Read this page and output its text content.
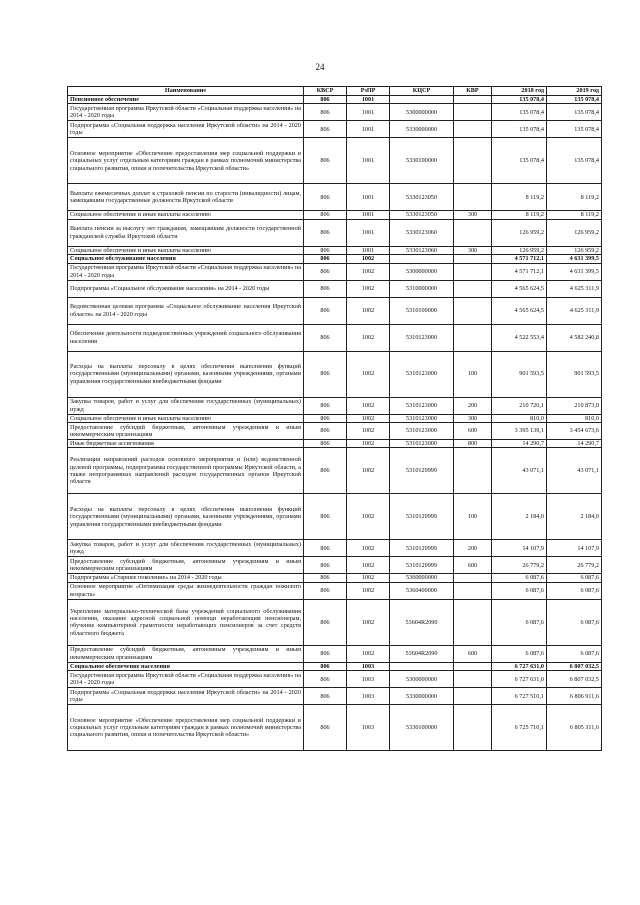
24
Наименование	КВСР	РзПР	КЦСР	КВР	2018 год	2019 год
Пенсионное обеспечение	806	1001			135 078,4	135 078,4
Государственная программа Иркутской области «Социальная поддержка населения» на 2014 - 2020 годы	806	1001	5300000000		135 078,4	135 078,4
Подпрограмма «Социальная поддержка населения Иркутской области» на 2014 - 2020 годы	806	1001	5330000000		135 078,4	135 078,4
Основное мероприятие «Обеспечение предоставления мер социальной поддержки и социальных услуг отдельным категориям граждан в рамках полномочий министерства социального развития, опеки и попечительства Иркутской области»	806	1001	5330100000		135 078,4	135 078,4
Выплата ежемесячных доплат к страховой пенсии по старости (инвалидности) лицам, замещавшим государственные должности Иркутской области	806	1001	5330123050		8 119,2	8 119,2
Социальное обеспечение и иные выплаты населению	806	1001	5330123050	300	8 119,2	8 119,2
Выплата пенсии за выслугу лет гражданам, замещавшим должности государственной гражданской службы Иркутской области	806	1001	5330123060		126 959,2	126 959,2
Социальное обеспечение и иные выплаты населению	806	1001	5330123060	300	126 959,2	126 959,2
Социальное обслуживание населения	806	1002			4 571 712,1	4 631 399,5
Государственная программа Иркутской области «Социальная поддержка населения» на 2014 - 2020 годы	806	1002	5300000000		4 571 712,1	4 631 399,5
Подпрограмма «Социальное обслуживание населения» на 2014 - 2020 годы	806	1002	5310000000		4 565 624,5	4 625 311,9
Ведомственная целевая программа «Социальное обслуживание населения Иркутской области» на 2014 - 2020 годы	806	1002	5310100000		4 565 624,5	4 625 311,9
Обеспечение деятельности подведомственных учреждений социального обслуживания населения	806	1002	5310123000		4 522 553,4	4 582 240,8
Расходы на выплаты персоналу в целях обеспечения выполнения функций государственными (муниципальными) органами, казенными учреждениями, органами управления государственными внебюджетными фондами	806	1002	5310123000	100	901 593,5	901 593,5
Закупка товаров, работ и услуг для обеспечения государственных (муниципальных) нужд	806	1002	5310123000	200	210 720,1	210 873,0
Социальное обеспечение и иные выплаты населению	806	1002	5310123000	300	810,0	810,0
Предоставление субсидий бюджетным, автономным учреждениям и иным некоммерческим организациям	806	1002	5310123000	600	3 395 139,1	3 454 673,6
Иные бюджетные ассигнования	806	1002	5310123000	800	14 290,7	14 290,7
Реализация направлений расходов основного мероприятия и (или) ведомственной целевой программы, подпрограммы государственной программы Иркутской области, а также непрограммных направлений расходов государственных органов Иркутской области	806	1002	5310129999		43 071,1	43 071,1
Расходы на выплаты персоналу в целях обеспечения выполнения функций государственными (муниципальными) органами, казенными учреждениями, органами управления государственными внебюджетными фондами	806	1002	5310129999	100	2 184,0	2 184,0
Закупка товаров, работ и услуг для обеспечения государственных (муниципальных) нужд	806	1002	5310129999	200	14 107,9	14 107,9
Предоставление субсидий бюджетным, автономным учреждениям и иным некоммерческим организациям	806	1002	5310129999	600	26 779,2	26 779,2
Подпрограмма «Старшее поколение» на 2014 - 2020 годы	806	1002	5360000000		6 087,6	6 087,6
Основное мероприятие «Оптимизация среды жизнедеятельности граждан пожилого возраста»	806	1002	5360400000		6 087,6	6 087,6
Укрепление материально-технической базы учреждений социального обслуживания населения, оказание адресной социальной помощи неработающим пенсионерам, обучение компьютерной грамотности неработающих пенсионеров за счет средств областного бюджета	806	1002	53604R2090		6 087,6	6 087,6
Предоставление субсидий бюджетным, автономным учреждениям и иным некоммерческим организациям	806	1002	53604R2090	600	6 087,6	6 087,6
Социальное обеспечение населения	806	1003			6 727 631,0	6 807 032,5
Государственная программа Иркутской области «Социальная поддержка населения» на 2014 - 2020 годы	806	1003	5300000000		6 727 631,0	6 807 032,5
Подпрограмма «Социальная поддержка населения Иркутской области» на 2014 - 2020 годы	806	1003	5330000000		6 727 510,1	6 806 911,6
Основное мероприятие «Обеспечение предоставления мер социальной поддержки и социальных услуг отдельным категориям граждан в рамках полномочий министерства социального развития, опеки и попечительства Иркутской области»	806	1003	5330100000		6 725 710,1	6 805 311,6
